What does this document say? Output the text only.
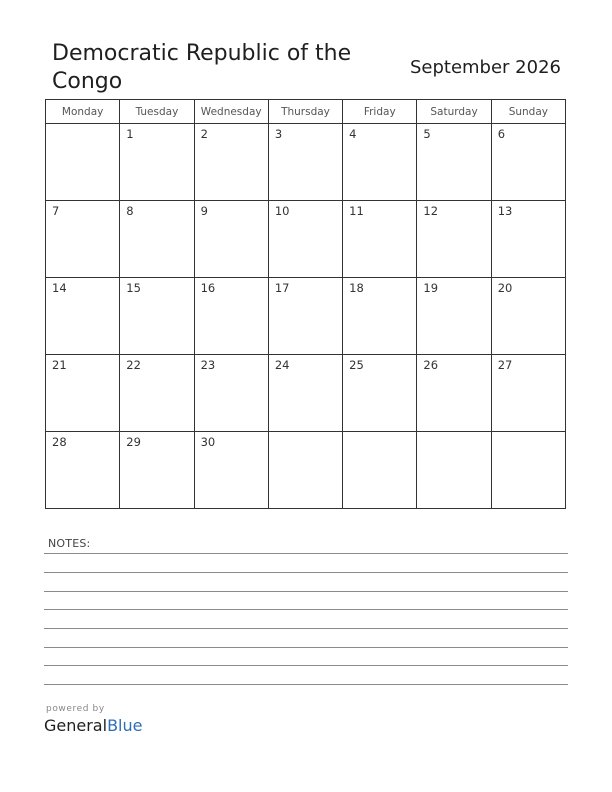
Democratic Republic of the Congo
September 2026
Monday	Tuesday	Wednesday	Thursday	Friday	Saturday	Sunday

	1	2	3	4	5	6

7	8	9	10	11	12	13

14	15	16	17	18	19	20

21	22	23	24	25	26	27

28	29	30				

NOTES:
powered by
GeneralBlue
